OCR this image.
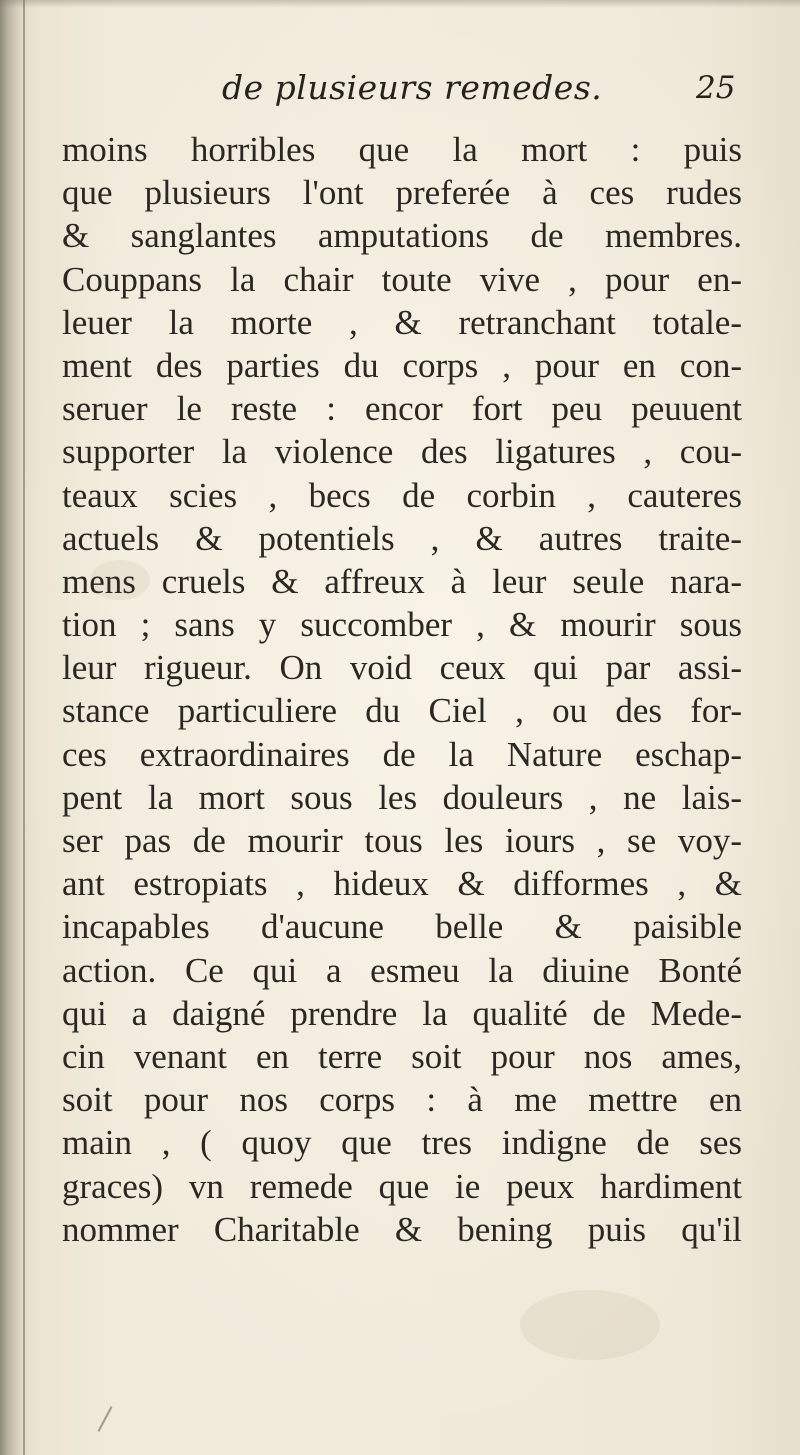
de plusieurs remedes.	25
moins horribles que la mort : puis
que plusieurs l'ont preferée à ces rudes
& sanglantes amputations de membres.
Couppans la chair toute vive , pour en-
leuer la morte , & retranchant totale-
ment des parties du corps , pour en con-
seruer le reste : encor fort peu peuuent
supporter la violence des ligatures , cou-
teaux scies , becs de corbin , cauteres
actuels & potentiels , & autres traite-
mens cruels & affreux à leur seule nara-
tion ; sans y succomber , & mourir sous
leur rigueur. On void ceux qui par assi-
stance particuliere du Ciel , ou des for-
ces extraordinaires de la Nature eschap-
pent la mort sous les douleurs , ne lais-
ser pas de mourir tous les iours , se voy-
ant estropiats , hideux & difformes , &
incapables d'aucune belle & paisible
action. Ce qui a esmeu la diuine Bonté
qui a daigné prendre la qualité de Mede-
cin venant en terre soit pour nos ames,
soit pour nos corps : à me mettre en
main , ( quoy que tres indigne de ses
graces) vn remede que ie peux hardiment
nommer Charitable & bening puis qu'il
